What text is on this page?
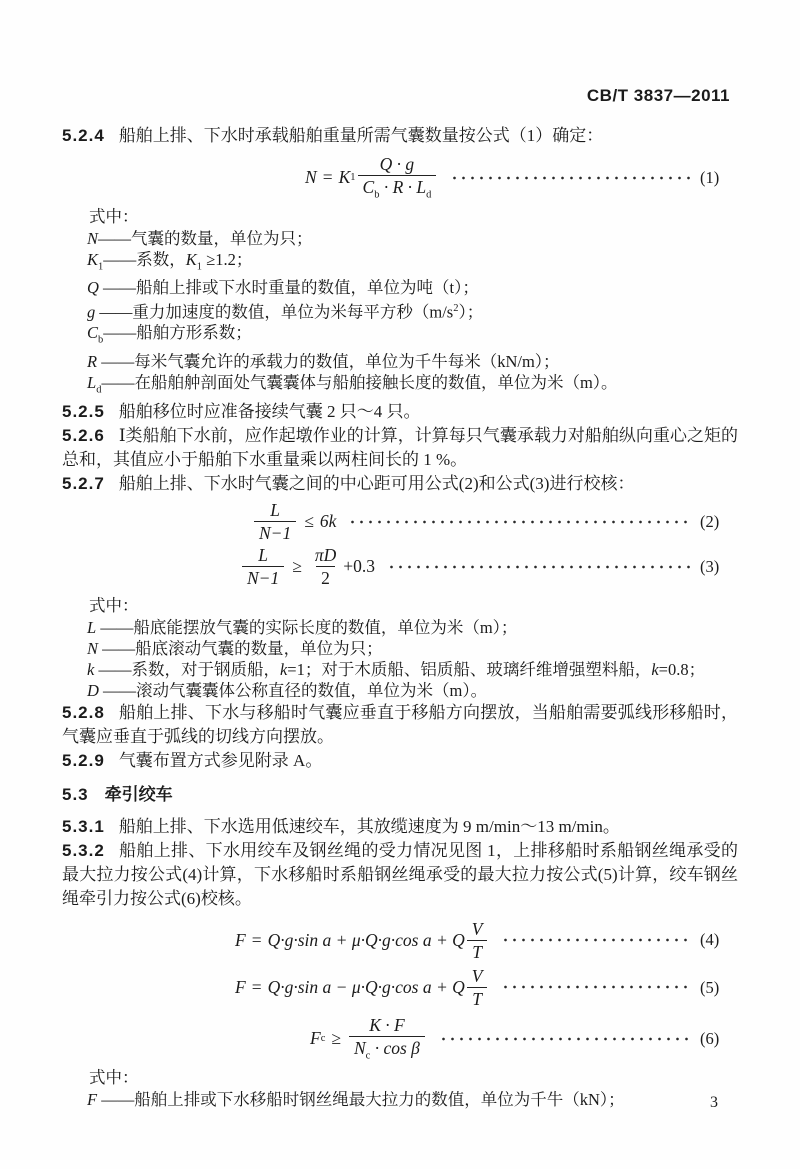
CB/T 3837—2011

5.2.4 船舶上排、下水时承载船舶重量所需气囊数量按公式（1）确定：

N = K $1 \frac{Q \cdot g}{C_b \cdot R \cdot L_d}$	(1)

式中：

N——气囊的数量，单位为只；
$K_1——$系数，$K_1 \ge 1.2$；
Q ——船舶上排或下水时重量的数值，单位为吨（t）；
g ——重力加速度的数值，单位为米每平方秒$(m/s^2)$；
$C_b——$船舶方形系数；
R ——每米气囊允许的承载力的数值，单位为千牛每米（kN/m）；
$L_d——$在船舶舯剖面处气囊囊体与船舶接触长度的数值，单位为米（m）。

5.2.5 船舶移位时应准备接续气囊 2 只～4 只。

5.2.6 Ⅰ类船舶下水前，应作起墩作业的计算，计算每只气囊承载力对船舶纵向重心之矩的总和，其值应小于船舶下水重量乘以两柱间长的 1 %。

5.2.7 船舶上排、下水时气囊之间的中心距可用公式(2)和公式(3)进行校核：

$\frac{L}{N-1} \le 6k$	(2)
$\frac{L}{N-1} \ge \frac{\pi D}{2} +0.3$	(3)

式中：

L ——船底能摆放气囊的实际长度的数值，单位为米（m）；
N ——船底滚动气囊的数量，单位为只；
k ——系数，对于钢质船，k=1；对于木质船、铝质船、玻璃纤维增强塑料船，k=0.8；
D ——滚动气囊囊体公称直径的数值，单位为米（m）。

5.2.8 船舶上排、下水与移船时气囊应垂直于移船方向摆放，当船舶需要弧线形移船时，气囊应垂直于弧线的切线方向摆放。

5.2.9 气囊布置方式参见附录 A。

5.3 牵引绞车

5.3.1 船舶上排、下水选用低速绞车，其放缆速度为 9 m/min～13 m/min。

5.3.2 船舶上排、下水用绞车及钢丝绳的受力情况见图 1，上排移船时系船钢丝绳承受的最大拉力按公式(4)计算，下水移船时系船钢丝绳承受的最大拉力按公式(5)计算，绞车钢丝绳牵引力按公式(6)校核。

F = Q·g·sin a + μ·Q·g·cos a + Q $\frac{V}{T}$	(4)
F = Q·g·sin a − μ·Q·g·cos a + Q $\frac{V}{T}$	(5)
F $c \ge \frac{K \cdot F}{N_c \cdot \cos \beta}$	(6)

式中：

F ——船舶上排或下水移船时钢丝绳最大拉力的数值，单位为千牛（kN）；	3
